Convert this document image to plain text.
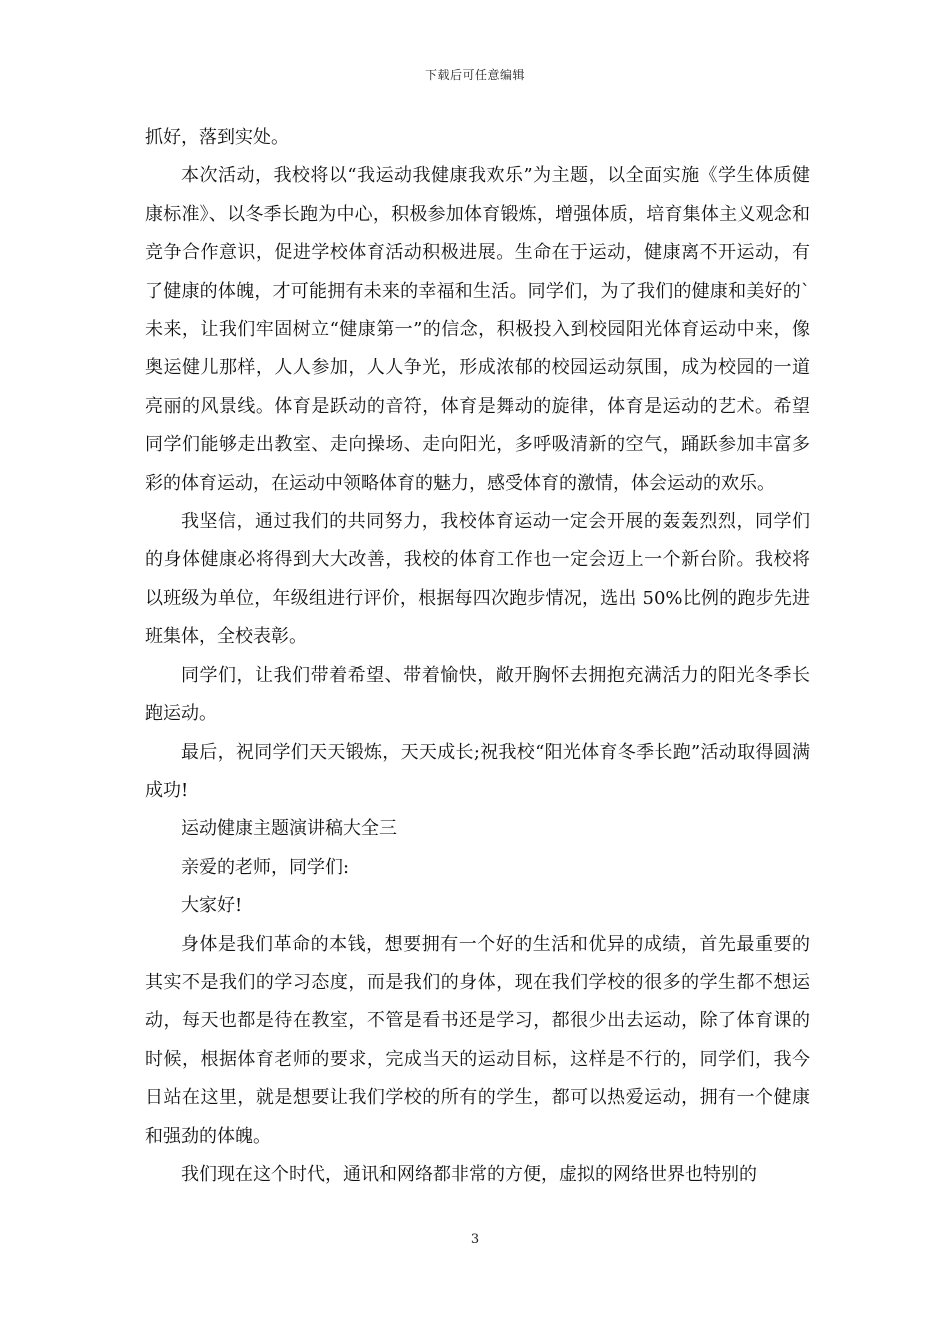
下载后可任意编辑

抓好，落到实处。

本次活动，我校将以“我运动我健康我欢乐”为主题，以全面实施《学生体质健康标准》、以冬季长跑为中心，积极参加体育锻炼，增强体质，培育集体主义观念和竞争合作意识，促进学校体育活动积极进展。生命在于运动，健康离不开运动，有了健康的体魄，才可能拥有未来的幸福和生活。同学们，为了我们的健康和美好的`未来，让我们牢固树立“健康第一”的信念，积极投入到校园阳光体育运动中来，像奥运健儿那样，人人参加，人人争光，形成浓郁的校园运动氛围，成为校园的一道亮丽的风景线。体育是跃动的音符，体育是舞动的旋律，体育是运动的艺术。希望同学们能够走出教室、走向操场、走向阳光，多呼吸清新的空气，踊跃参加丰富多彩的体育运动，在运动中领略体育的魅力，感受体育的激情，体会运动的欢乐。

我坚信，通过我们的共同努力，我校体育运动一定会开展的轰轰烈烈，同学们的身体健康必将得到大大改善，我校的体育工作也一定会迈上一个新台阶。我校将以班级为单位，年级组进行评价，根据每四次跑步情况，选出 50%比例的跑步先进班集体，全校表彰。

同学们，让我们带着希望、带着愉快，敞开胸怀去拥抱充满活力的阳光冬季长跑运动。

最后，祝同学们天天锻炼，天天成长;祝我校“阳光体育冬季长跑”活动取得圆满成功!

运动健康主题演讲稿大全三

亲爱的老师，同学们:

大家好!

身体是我们革命的本钱，想要拥有一个好的生活和优异的成绩，首先最重要的其实不是我们的学习态度，而是我们的身体，现在我们学校的很多的学生都不想运动，每天也都是待在教室，不管是看书还是学习，都很少出去运动，除了体育课的时候，根据体育老师的要求，完成当天的运动目标，这样是不行的，同学们，我今日站在这里，就是想要让我们学校的所有的学生，都可以热爱运动，拥有一个健康和强劲的体魄。

我们现在这个时代，通讯和网络都非常的方便，虚拟的网络世界也特别的

3
